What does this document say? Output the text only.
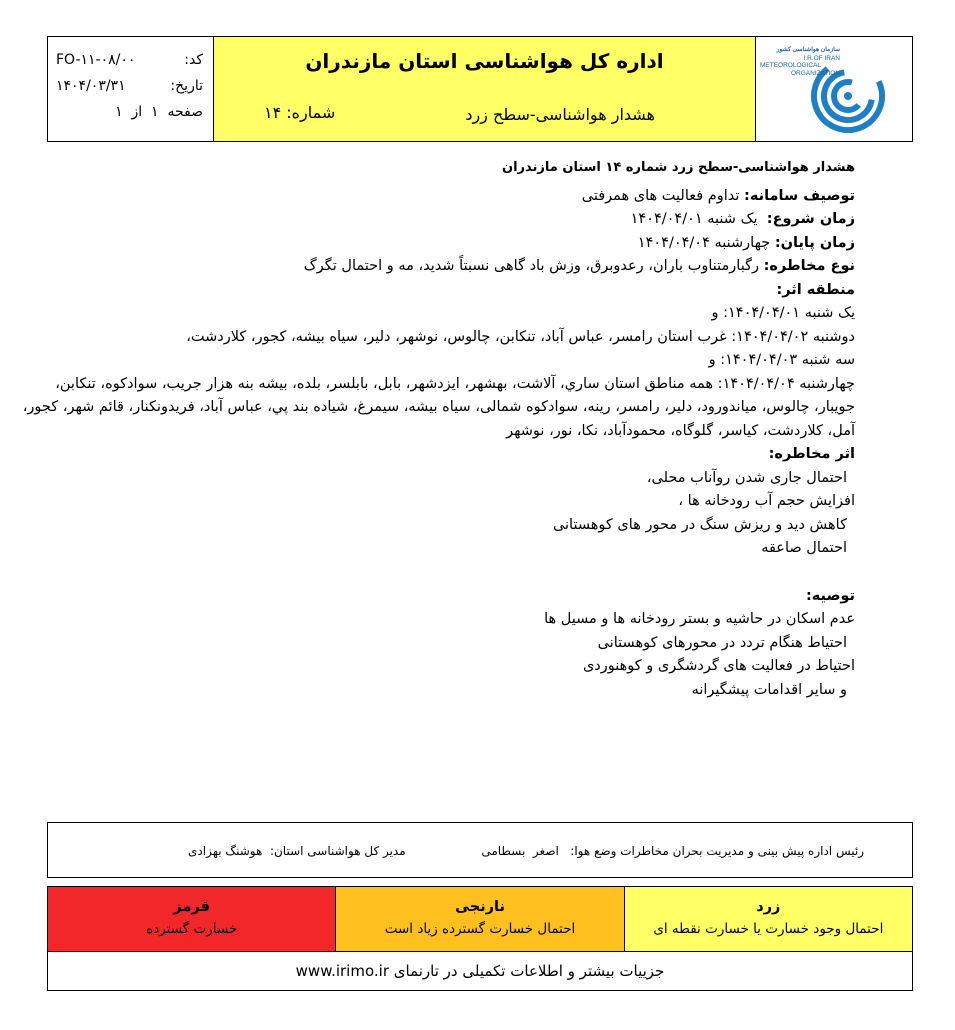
کد:
FO-۱۱-۰۸/۰۰
تاریخ:
۱۴۰۴/۰۳/۳۱
صفحه  ۱  از  ۱
اداره کل هواشناسی استان مازندران
هشدار هواشناسی-سطح زرد
شماره: ۱۴
سازمان هواشناسی کشور
I.R.OF IRAN
METEOROLOGICAL
ORGANIZATION
هشدار هواشناسی-سطح زرد شماره ۱۴ استان مازندران
توصیف سامانه: تداوم فعالیت های همرفتی
زمان شروع:  یک شنبه ۱۴۰۴/۰۴/۰۱
زمان پایان: چهارشنبه ۱۴۰۴/۰۴/۰۴
نوع مخاطره: رگبارمتناوب باران، رعدوبرق، وزش باد گاهی نسبتاً شدید، مه و احتمال تگرگ
منطقه اثر:
یک شنبه ۱۴۰۴/۰۴/۰۱: و
دوشنبه ۱۴۰۴/۰۴/۰۲: غرب استان رامسر، عباس آباد، تنکابن، چالوس، نوشهر، دلیر، سیاه بیشه، کجور، کلاردشت،
سه شنبه ۱۴۰۴/۰۴/۰۳: و
چهارشنبه ۱۴۰۴/۰۴/۰۴: همه مناطق استان ساري، آلاشت، بهشهر، ایزدشهر، بابل، بابلسر، بلده، بیشه بنه هزار جریب، سوادکوه، تنکابن،
جویبار، چالوس، میاندورود، دلیر، رامسر، رینه، سوادکوه شمالی، سیاه بیشه، سیمرغ، شیاده بند پي، عباس آباد، فریدونکنار، قائم شهر، کجور،
آمل، کلاردشت، کیاسر، گلوگاه، محمودآباد، نکا، نور، نوشهر
اثر مخاطره:
احتمال جاری شدن روآناب محلی،
افزایش حجم آب رودخانه ها ،
کاهش دید و ریزش سنگ در محور های کوهستانی
احتمال صاعقه
توصیه:
عدم اسکان در حاشیه و بستر رودخانه ها و مسیل ها
احتیاط هنگام تردد در محورهای کوهستانی
احتیاط در فعالیت های گردشگری و کوهنوردی
و سایر اقدامات پیشگیرانه
رئیس اداره پیش بینی و مدیریت بحران مخاطرات وضع هوا:   اصغر  بسطامی
مدیر کل هواشناسی استان:  هوشنگ بهزادی
زرد
احتمال وجود خسارت یا خسارت نقطه ای
نارنجی
احتمال خسارت گسترده زیاد است
قرمز
خسارت گسترده
جزییات بیشتر و اطلاعات تکمیلی در تارنمای www.irimo.ir
